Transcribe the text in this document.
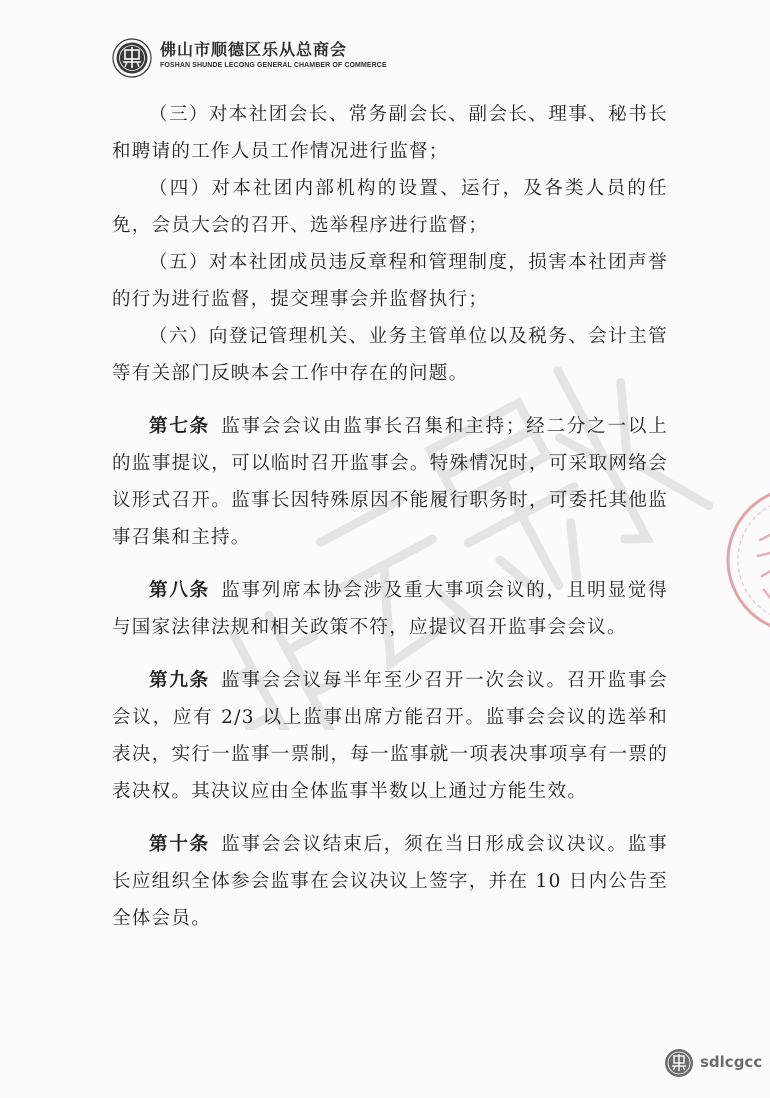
佛山市顺德区乐从总商会
FOSHAN SHUNDE LECONG GENERAL CHAMBER OF COMMERCE

（三）对本社团会长、常务副会长、副会长、理事、秘书长和聘请的工作人员工作情况进行监督；

（四）对本社团内部机构的设置、运行，及各类人员的任免，会员大会的召开、选举程序进行监督；

（五）对本社团成员违反章程和管理制度，损害本社团声誉的行为进行监督，提交理事会并监督执行；

（六）向登记管理机关、业务主管单位以及税务、会计主管等有关部门反映本会工作中存在的问题。

第七条 监事会会议由监事长召集和主持；经二分之一以上的监事提议，可以临时召开监事会。特殊情况时，可采取网络会议形式召开。监事长因特殊原因不能履行职务时，可委托其他监事召集和主持。

第八条 监事列席本协会涉及重大事项会议的，且明显觉得与国家法律法规和相关政策不符，应提议召开监事会会议。

第九条 监事会会议每半年至少召开一次会议。召开监事会会议，应有 2/3 以上监事出席方能召开。监事会会议的选举和表决，实行一监事一票制，每一监事就一项表决事项享有一票的表决权。其决议应由全体监事半数以上通过方能生效。

第十条 监事会会议结束后，须在当日形成会议决议。监事长应组织全体参会监事在会议决议上签字，并在 10 日内公告至全体会员。

sdlcgcc
